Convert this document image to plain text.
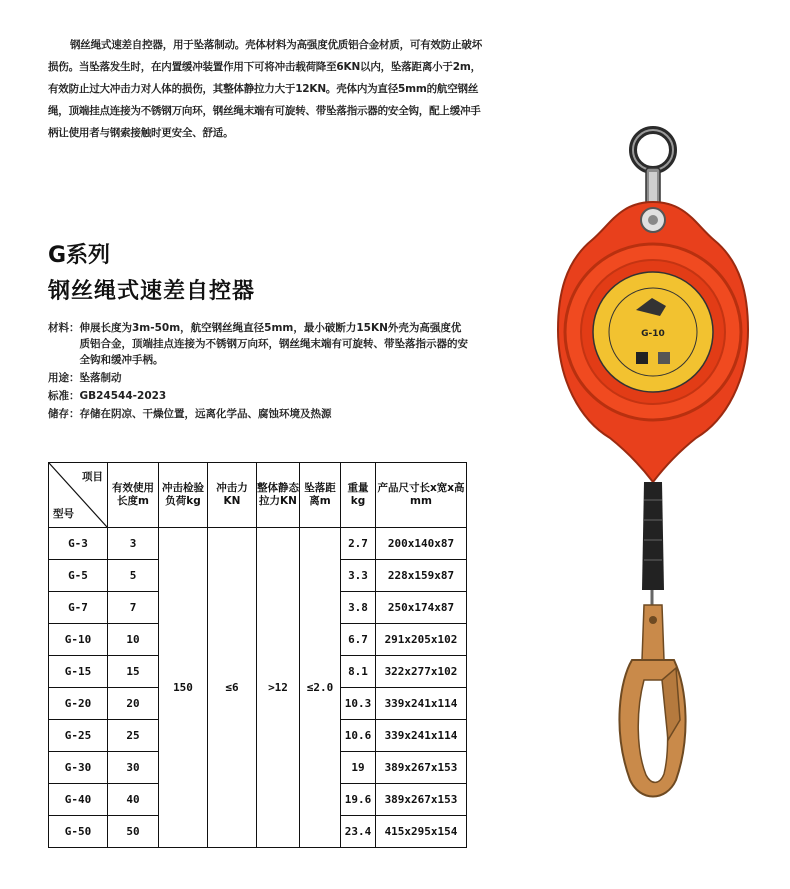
钢丝绳式速差自控器，用于坠落制动。壳体材料为高强度优质铝合金材质，可有效防止破坏损伤。当坠落发生时，在内置缓冲装置作用下可将冲击载荷降至6KN以内，坠落距离小于2m，有效防止过大冲击力对人体的损伤，其整体静拉力大于12KN。壳体内为直径5mm的航空钢丝绳，顶端挂点连接为不锈钢万向环，钢丝绳末端有可旋转、带坠落指示器的安全钩，配上缓冲手柄让使用者与钢索接触时更安全、舒适。
G系列
钢丝绳式速差自控器
材料： 伸展长度为3m-50m，航空钢丝绳直径5mm，最小破断力15KN外壳为高强度优质铝合金，顶端挂点连接为不锈钢万向环，钢丝绳末端有可旋转、带坠落指示器的安全钩和缓冲手柄。
用途：坠落制动
标准：GB24544-2023
储存：存储在阴凉、干燥位置，远离化学品、腐蚀环境及热源
项目
型号	有效使用长度m	冲击检验负荷kg	冲击力KN	整体静态拉力KN	坠落距离m	重量kg	产品尺寸长x宽x高mm
G-3	3	150	≤6	>12	≤2.0	2.7	200x140x87
G-5	5					3.3	228x159x87
G-7	7					3.8	250x174x87
G-10	10					6.7	291x205x102
G-15	15					8.1	322x277x102
G-20	20					10.3	339x241x114
G-25	25					10.6	339x241x114
G-30	30					19	389x267x153
G-40	40					19.6	389x267x153
G-50	50					23.4	415x295x154
G-10
